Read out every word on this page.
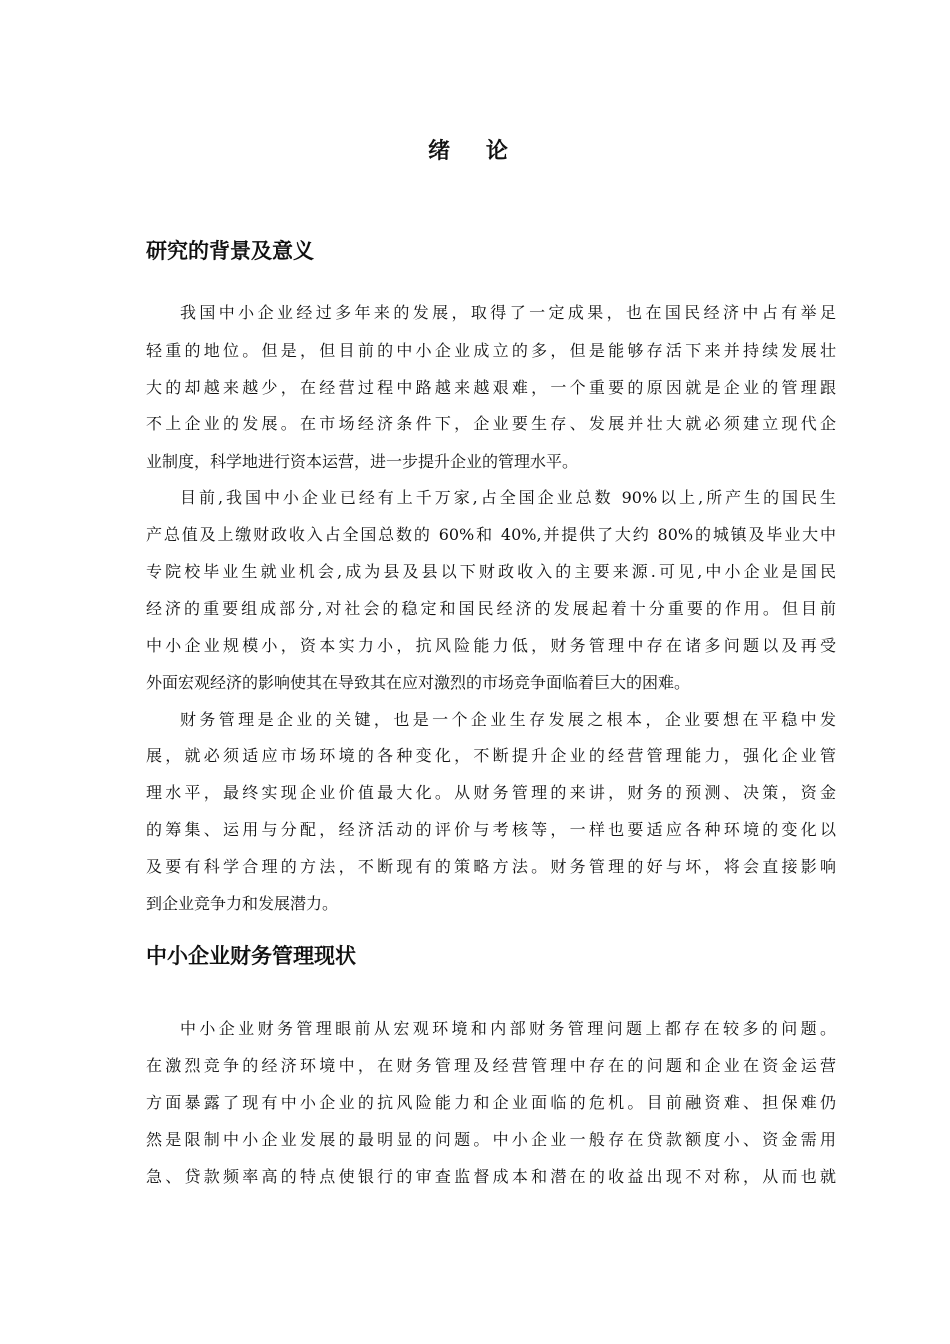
绪 论
研究的背景及意义
我国中小企业经过多年来的发展，取得了一定成果，也在国民经济中占有举足
轻重的地位。但是，但目前的中小企业成立的多，但是能够存活下来并持续发展壮
大的却越来越少，在经营过程中路越来越艰难，一个重要的原因就是企业的管理跟
不上企业的发展。在市场经济条件下，企业要生存、发展并壮大就必须建立现代企
业制度，科学地进行资本运营，进一步提升企业的管理水平。
目前,我国中小企业已经有上千万家,占全国企业总数 90%以上,所产生的国民生
产总值及上缴财政收入占全国总数的 60%和 40%,并提供了大约 80%的城镇及毕业大中
专院校毕业生就业机会,成为县及县以下财政收入的主要来源.可见,中小企业是国民
经济的重要组成部分,对社会的稳定和国民经济的发展起着十分重要的作用。但目前
中小企业规模小，资本实力小，抗风险能力低，财务管理中存在诸多问题以及再受
外面宏观经济的影响使其在导致其在应对激烈的市场竞争面临着巨大的困难。
财务管理是企业的关键，也是一个企业生存发展之根本，企业要想在平稳中发
展，就必须适应市场环境的各种变化，不断提升企业的经营管理能力，强化企业管
理水平，最终实现企业价值最大化。从财务管理的来讲，财务的预测、决策，资金
的筹集、运用与分配，经济活动的评价与考核等，一样也要适应各种环境的变化以
及要有科学合理的方法，不断现有的策略方法。财务管理的好与坏，将会直接影响
到企业竞争力和发展潜力。
中小企业财务管理现状
中小企业财务管理眼前从宏观环境和内部财务管理问题上都存在较多的问题。
在激烈竞争的经济环境中，在财务管理及经营管理中存在的问题和企业在资金运营
方面暴露了现有中小企业的抗风险能力和企业面临的危机。目前融资难、担保难仍
然是限制中小企业发展的最明显的问题。中小企业一般存在贷款额度小、资金需用
急、贷款频率高的特点使银行的审查监督成本和潜在的收益出现不对称，从而也就
